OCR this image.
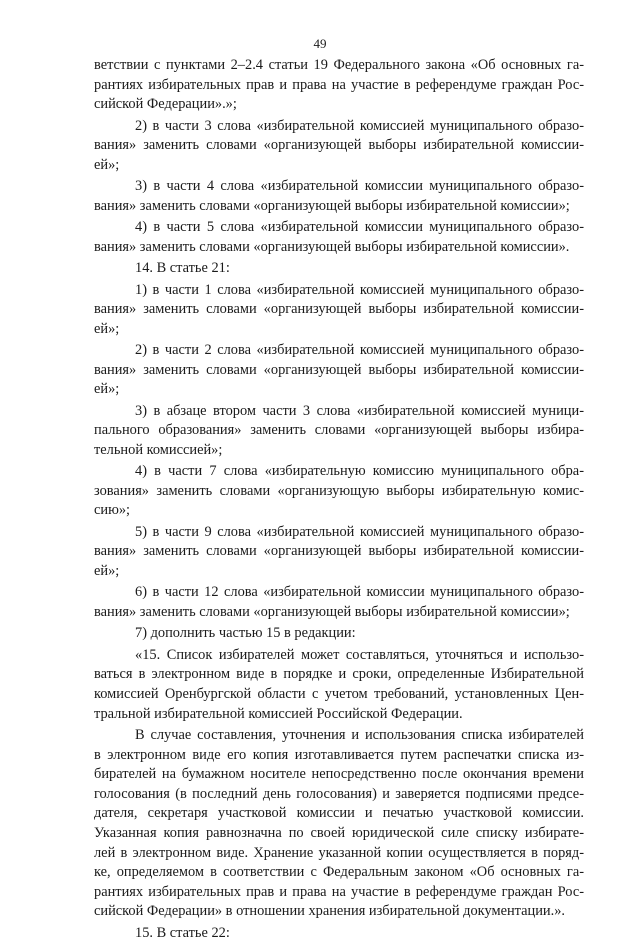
49
ветствии с пунктами 2–2.4 статьи 19 Федерального закона «Об основных га-
рантиях избирательных прав и права на участие в референдуме граждан Рос-
сийской Федерации».»;
2) в части 3 слова «избирательной комиссией муниципального образо-
вания» заменить словами «организующей выборы избирательной комиссии-
ей»;
3) в части 4 слова «избирательной комиссии муниципального образо-
вания» заменить словами «организующей выборы избирательной комиссии»;
4) в части 5 слова «избирательной комиссии муниципального образо-
вания» заменить словами «организующей выборы избирательной комиссии».
14. В статье 21:
1) в части 1 слова «избирательной комиссией муниципального образо-
вания» заменить словами «организующей выборы избирательной комиссии-
ей»;
2) в части 2 слова «избирательной комиссией муниципального образо-
вания» заменить словами «организующей выборы избирательной комиссии-
ей»;
3) в абзаце втором части 3 слова «избирательной комиссией муници-
пального образования» заменить словами «организующей выборы избира-
тельной комиссией»;
4) в части 7 слова «избирательную комиссию муниципального обра-
зования» заменить словами «организующую выборы избирательную комис-
сию»;
5) в части 9 слова «избирательной комиссией муниципального образо-
вания» заменить словами «организующей выборы избирательной комиссии-
ей»;
6) в части 12 слова «избирательной комиссии муниципального образо-
вания» заменить словами «организующей выборы избирательной комиссии»;
7) дополнить частью 15 в редакции:
«15. Список избирателей может составляться, уточняться и использо-
ваться в электронном виде в порядке и сроки, определенные Избирательной
комиссией Оренбургской области с учетом требований, установленных Цен-
тральной избирательной комиссией Российской Федерации.
В случае составления, уточнения и использования списка избирателей
в электронном виде его копия изготавливается путем распечатки списка из-
бирателей на бумажном носителе непосредственно после окончания времени
голосования (в последний день голосования) и заверяется подписями предсе-
дателя, секретаря участковой комиссии и печатью участковой комиссии.
Указанная копия равнозначна по своей юридической силе списку избирате-
лей в электронном виде. Хранение указанной копии осуществляется в поряд-
ке, определяемом в соответствии с Федеральным законом «Об основных га-
рантиях избирательных прав и права на участие в референдуме граждан Рос-
сийской Федерации» в отношении хранения избирательной документации.».
15. В статье 22:
